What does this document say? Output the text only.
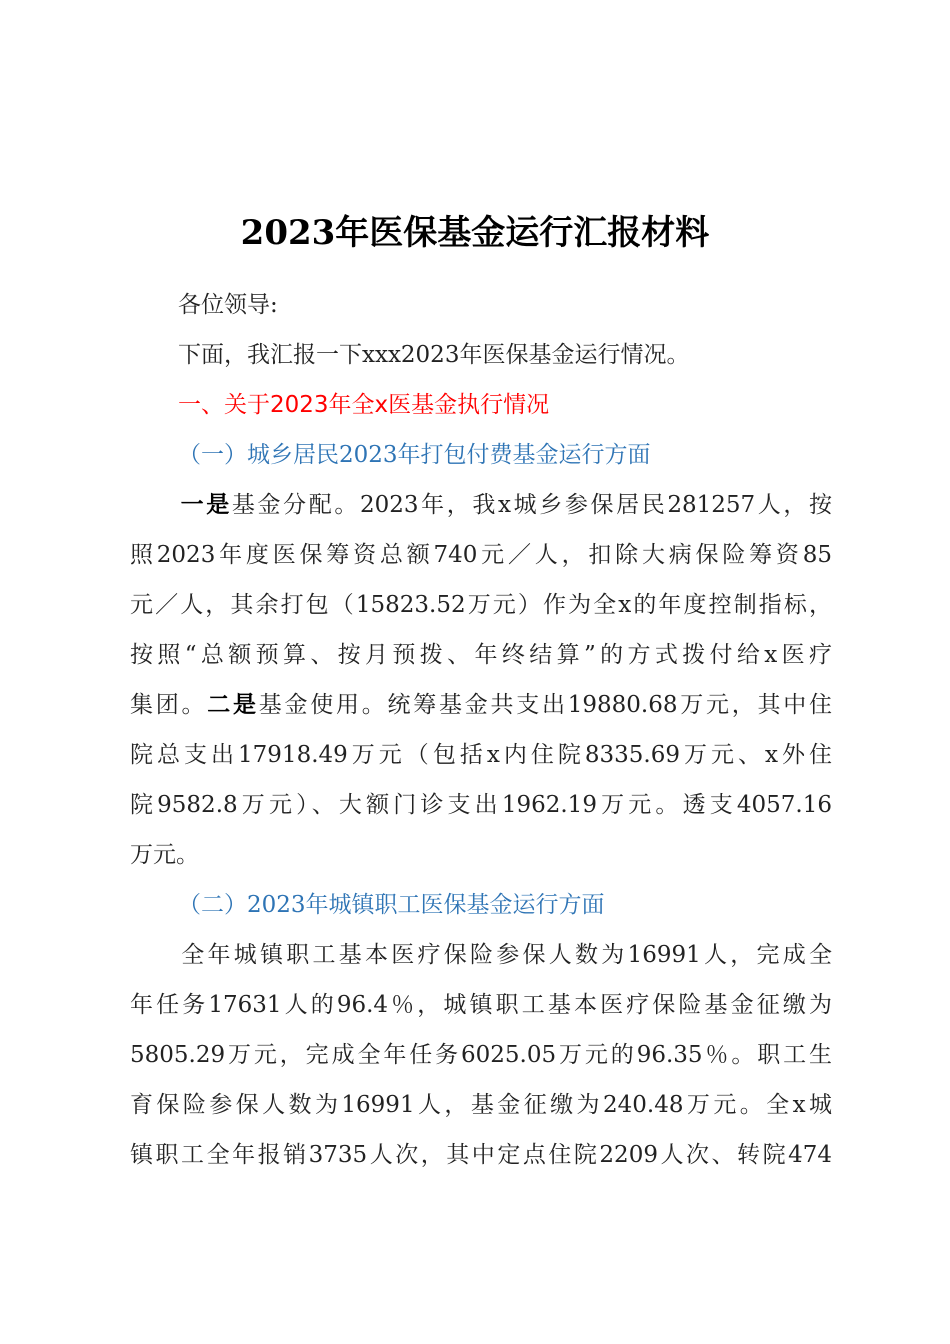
2023年医保基金运行汇报材料
各位领导:
下面，我汇报一下xxx2023年医保基金运行情况。
一、关于2023年全x医基金执行情况
（一）城乡居民2023年打包付费基金运行方面
一是基金分配。2023年，我x城乡参保居民281257人，按
照2023年度医保筹资总额740元／人，扣除大病保险筹资85
元／人，其余打包（15823.52万元）作为全x的年度控制指标，
按照“总额预算、按月预拨、年终结算”的方式拨付给x医疗
集团。二是基金使用。统筹基金共支出19880.68万元，其中住
院总支出17918.49万元（包括x内住院8335.69万元、x外住
院9582.8万元）、大额门诊支出1962.19万元。透支4057.16
万元。
（二）2023年城镇职工医保基金运行方面
全年城镇职工基本医疗保险参保人数为16991人，完成全
年任务17631人的96.4％，城镇职工基本医疗保险基金征缴为
5805.29万元，完成全年任务6025.05万元的96.35％。职工生
育保险参保人数为16991人，基金征缴为240.48万元。全x城
镇职工全年报销3735人次，其中定点住院2209人次、转院474
